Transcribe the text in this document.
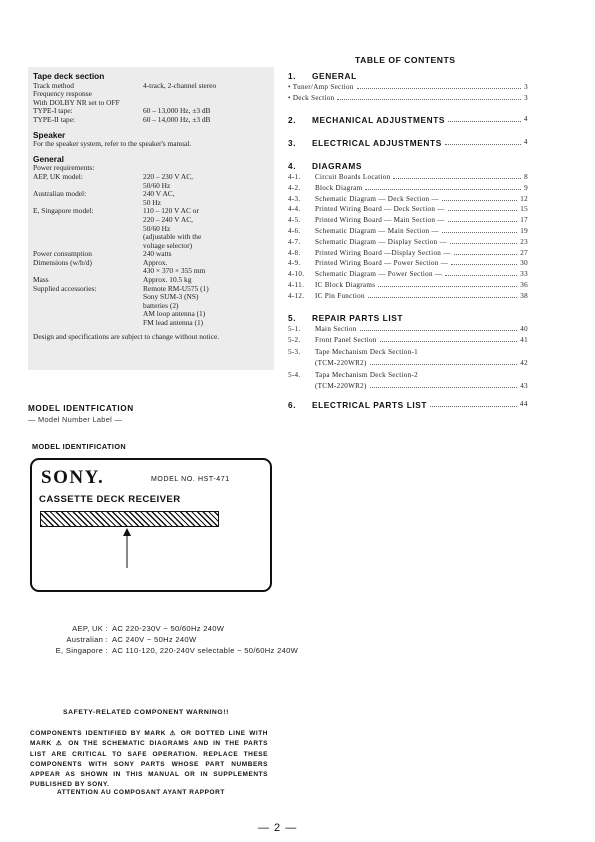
Tape deck section
Track method	4-track, 2-channel stereo
Frequency response
With DOLBY NR set to OFF
TYPE-I tape:	60 – 13,000 Hz, ±3 dB
TYPE-II tape:	60 – 14,000 Hz, ±3 dB
Speaker
For the speaker system, refer to the speaker's manual.
General
Power requirements:
AEP, UK model:	220 – 230 V AC,
50/60 Hz
Australian model:	240 V AC,
50 Hz
E, Singapore model:	110 – 120 V AC or
220 – 240 V AC,
50/60 Hz
(adjustable with the
voltage selector)
Power consumption	240 watts
Dimensions (w/h/d)	Approx.
430 × 370 × 355 mm
Mass	Approx. 10.5 kg
Supplied accessories:	Remote RM-U575 (1)
Sony SUM-3 (NS)
batteries (2)
AM loop antenna (1)
FM lead antenna (1)
Design and specifications are subject to change without notice.
TABLE OF CONTENTS
1.	GENERAL
• Tuner/Amp Section	3
• Deck Section	3
2.	MECHANICAL ADJUSTMENTS	4
3.	ELECTRICAL ADJUSTMENTS	4
4.	DIAGRAMS
4-1.	Circuit Boards Location	8
4-2.	Block Diagram	9
4-3.	Schematic Diagram — Deck Section —	12
4-4.	Printed Wiring Board — Deck Section —	15
4-5.	Printed Wiring Board — Main Section —	17
4-6.	Schematic Diagram — Main Section —	19
4-7.	Schematic Diagram — Display Section —	23
4-8.	Printed Wiring Board —Display Section —	27
4-9.	Printed Wiring Board — Power Section —	30
4-10.	Schematic Diagram — Power Section —	33
4-11.	IC Block Diagrams	36
4-12.	IC Pin Function	38
5.	REPAIR PARTS LIST
5-1.	Main Section	40
5-2.	Front Panel Section	41
5-3.	Tape Mechanism Deck Section-1
(TCM-220WR2)	42
5-4.	Tapa Mechanism Deck Section-2
(TCM-220WR2)	43
6.	ELECTRICAL PARTS LIST	44
MODEL IDENTFICATION
— Model Number Label —
MODEL IDENTIFICATION
SONY.	MODEL NO. HST-471
CASSETTE DECK RECEIVER
AEP, UK : AC 220-230V ~ 50/60Hz 240W
Australian : AC 240V ~ 50Hz 240W
E, Singapore : AC 110-120, 220-240V selectable ~ 50/60Hz 240W
SAFETY-RELATED COMPONENT WARNING!!
COMPONENTS IDENTIFIED BY MARK ⚠ OR DOTTED LINE WITH MARK ⚠ ON THE SCHEMATIC DIAGRAMS AND IN THE PARTS LIST ARE CRITICAL TO SAFE OPERATION. REPLACE THESE COMPONENTS WITH SONY PARTS WHOSE PART NUMBERS APPEAR AS SHOWN IN THIS MANUAL OR IN SUPPLEMENTS PUBLISHED BY SONY.
ATTENTION AU COMPOSANT AYANT RAPPORT
— 2 —
